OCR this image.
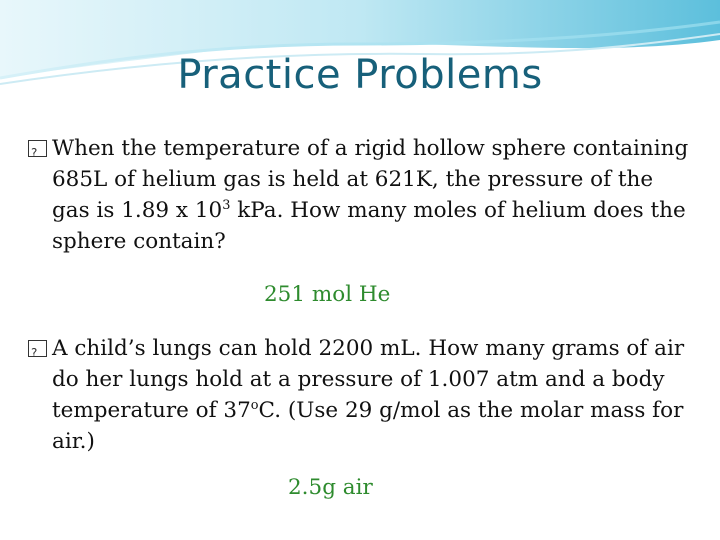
Practice Problems
?
When the temperature of a rigid hollow sphere containing 685L of helium gas is held at 621K, the pressure of the gas is 1.89 x $10^3$ kPa. How many moles of helium does the sphere contain?
251 mol He
?
A child’s lungs can hold 2200 mL. How many grams of air do her lungs hold at a pressure of 1.007 atm and a body temperature of 37$^o$C. (Use 29 g/mol as the molar mass for air.)
2.5g air
